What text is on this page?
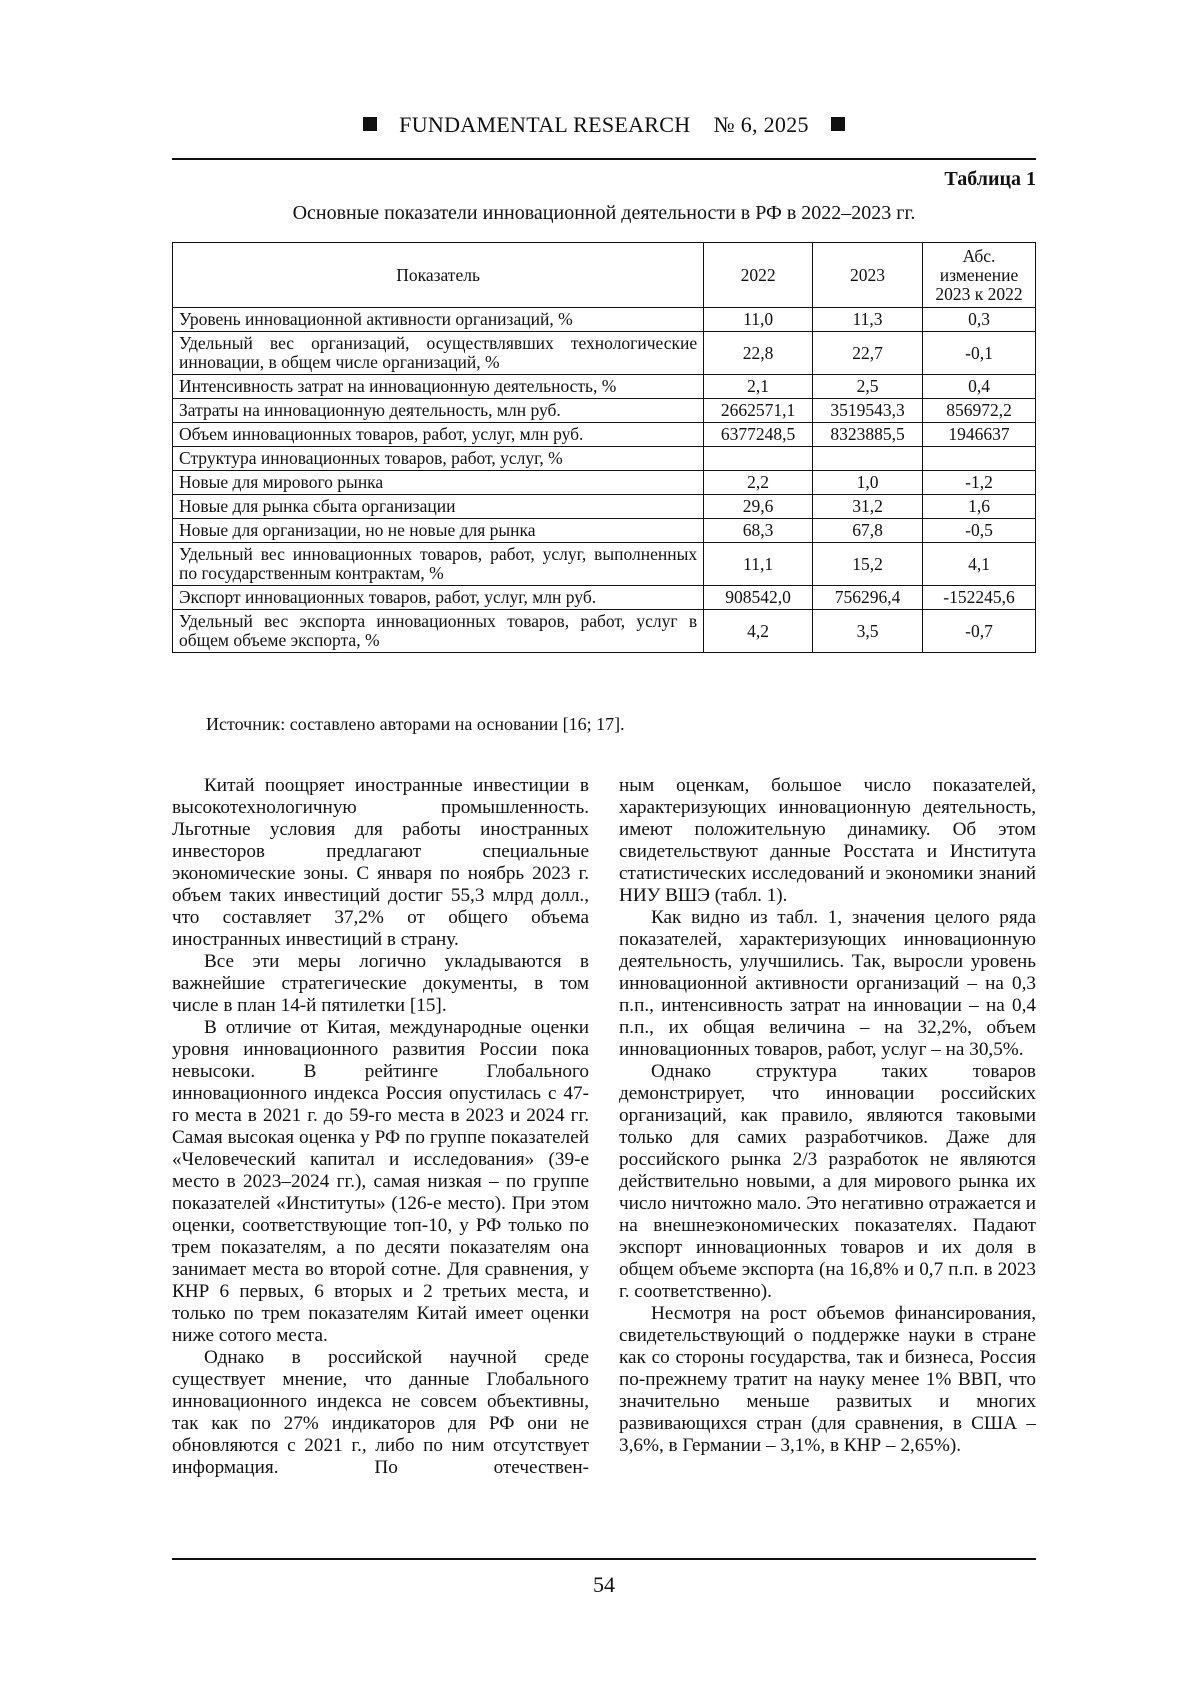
FUNDAMENTAL RESEARCH № 6, 2025
Таблица 1
Основные показатели инновационной деятельности в РФ в 2022–2023 гг.
Показатель	2022	2023	Абс. изменение 2023 к 2022
Уровень инновационной активности организаций, %	11,0	11,3	0,3
Удельный вес организаций, осуществлявших технологические инновации, в общем числе организаций, %	22,8	22,7	-0,1
Интенсивность затрат на инновационную деятельность, %	2,1	2,5	0,4
Затраты на инновационную деятельность, млн руб.	2662571,1	3519543,3	856972,2
Объем инновационных товаров, работ, услуг, млн руб.	6377248,5	8323885,5	1946637
Структура инновационных товаров, работ, услуг, %			
Новые для мирового рынка	2,2	1,0	-1,2
Новые для рынка сбыта организации	29,6	31,2	1,6
Новые для организации, но не новые для рынка	68,3	67,8	-0,5
Удельный вес инновационных товаров, работ, услуг, выполненных по государственным контрактам, %	11,1	15,2	4,1
Экспорт инновационных товаров, работ, услуг, млн руб.	908542,0	756296,4	-152245,6
Удельный вес экспорта инновационных товаров, работ, услуг в общем объеме экспорта, %	4,2	3,5	-0,7
Источник: составлено авторами на основании [16; 17].

Китай поощряет иностранные инвестиции в высокотехнологичную промышленность. Льготные условия для работы иностранных инвесторов предлагают специальные экономические зоны. С января по ноябрь 2023 г. объем таких инвестиций достиг 55,3 млрд долл., что составляет 37,2% от общего объема иностранных инвестиций в страну.

Все эти меры логично укладываются в важнейшие стратегические документы, в том числе в план 14-й пятилетки [15].

В отличие от Китая, международные оценки уровня инновационного развития России пока невысоки. В рейтинге Глобального инновационного индекса Россия опустилась с 47-го места в 2021 г. до 59-го места в 2023 и 2024 гг. Самая высокая оценка у РФ по группе показателей «Человеческий капитал и исследования» (39-е место в 2023–2024 гг.), самая низкая – по группе показателей «Институты» (126-е место). При этом оценки, соответствующие топ-10, у РФ только по трем показателям, а по десяти показателям она занимает места во второй сотне. Для сравнения, у КНР 6 первых, 6 вторых и 2 третьих места, и только по трем показателям Китай имеет оценки ниже сотого места.

Однако в российской научной среде существует мнение, что данные Глобального инновационного индекса не совсем объективны, так как по 27% индикаторов для РФ они не обновляются с 2021 г., либо по ним отсутствует информация. По отечествен-

ным оценкам, большое число показателей, характеризующих инновационную деятельность, имеют положительную динамику. Об этом свидетельствуют данные Росстата и Института статистических исследований и экономики знаний НИУ ВШЭ (табл. 1).

Как видно из табл. 1, значения целого ряда показателей, характеризующих инновационную деятельность, улучшились. Так, выросли уровень инновационной активности организаций – на 0,3 п.п., интенсивность затрат на инновации – на 0,4 п.п., их общая величина – на 32,2%, объем инновационных товаров, работ, услуг – на 30,5%.

Однако структура таких товаров демонстрирует, что инновации российских организаций, как правило, являются таковыми только для самих разработчиков. Даже для российского рынка 2/3 разработок не являются действительно новыми, а для мирового рынка их число ничтожно мало. Это негативно отражается и на внешнеэкономических показателях. Падают экспорт инновационных товаров и их доля в общем объеме экспорта (на 16,8% и 0,7 п.п. в 2023 г. соответственно).

Несмотря на рост объемов финансирования, свидетельствующий о поддержке науки в стране как со стороны государства, так и бизнеса, Россия по-прежнему тратит на науку менее 1% ВВП, что значительно меньше развитых и многих развивающихся стран (для сравнения, в США – 3,6%, в Германии – 3,1%, в КНР – 2,65%).

54
